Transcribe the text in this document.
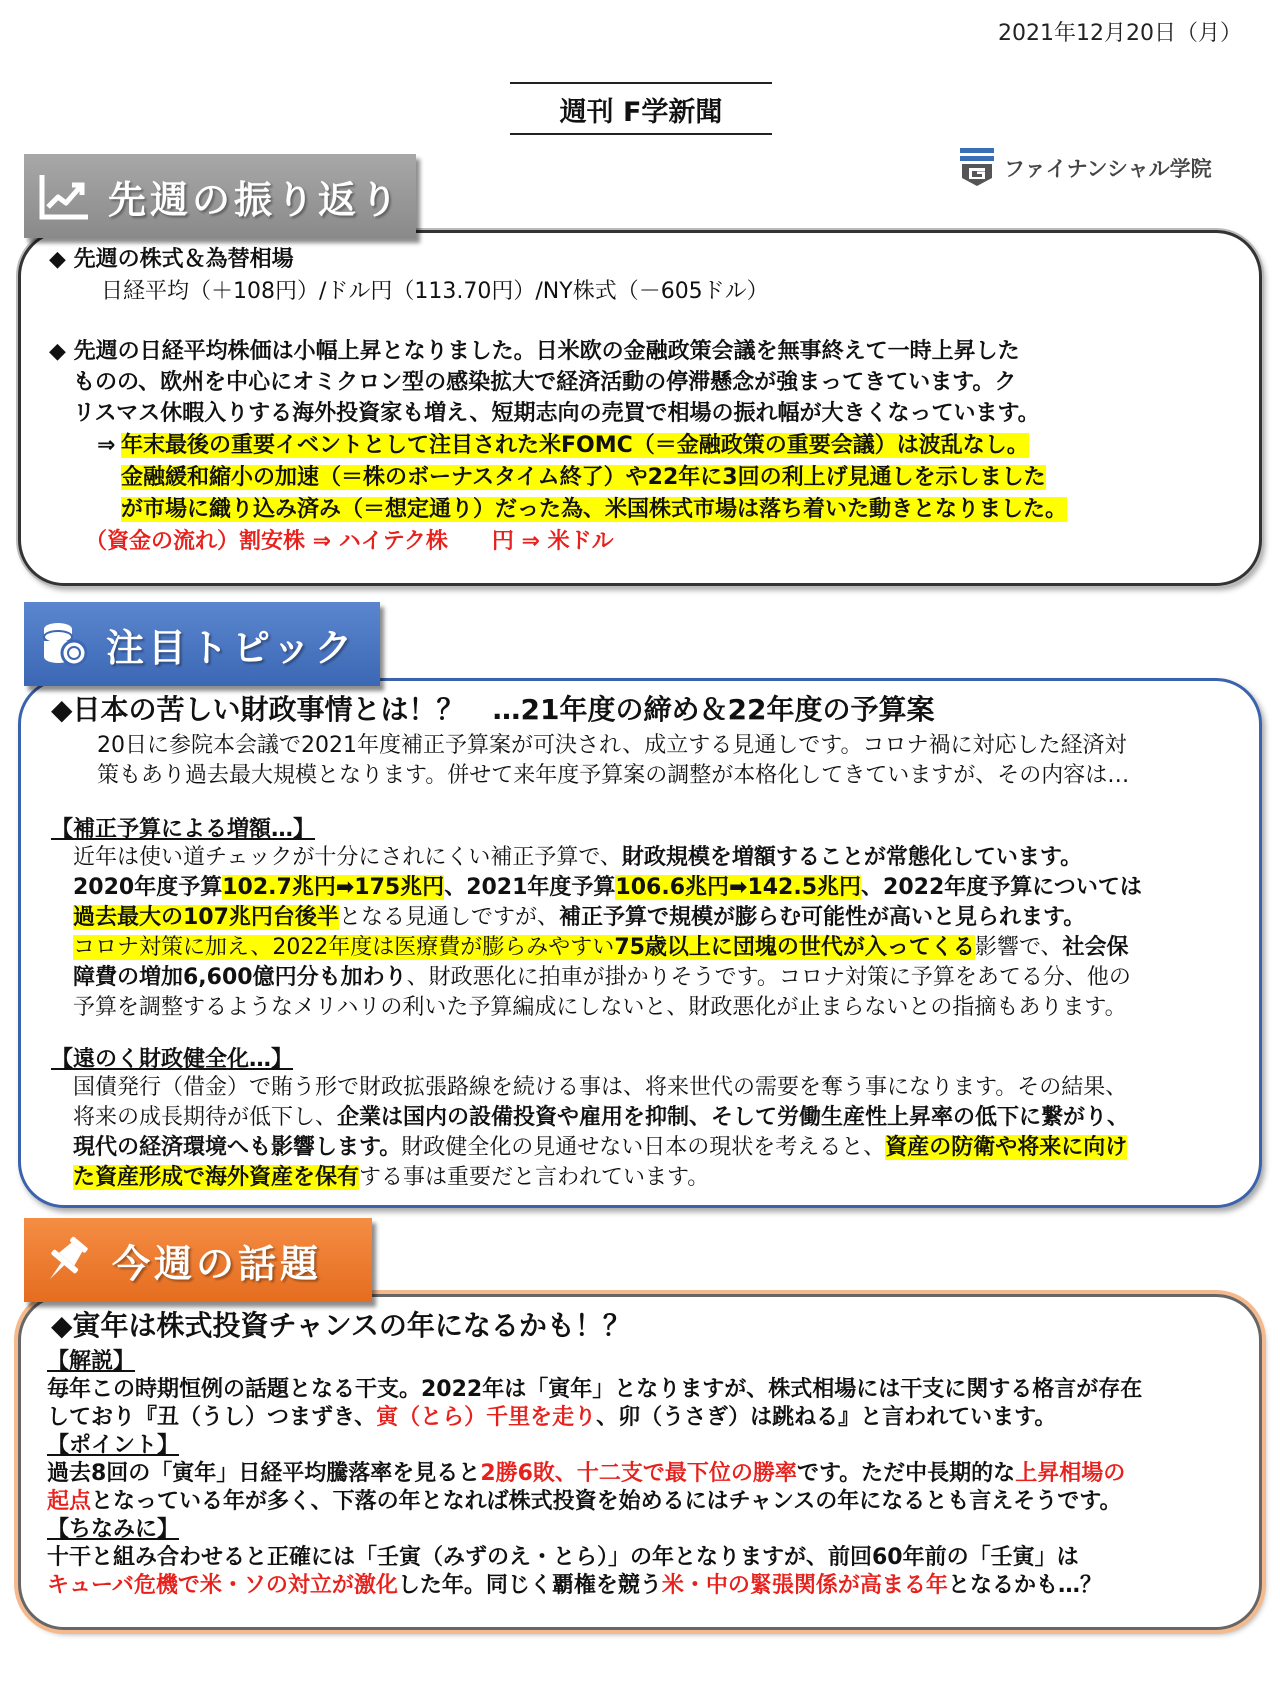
2021年12月20日（月）
週刊 F学新聞
ファイナンシャル学院
先週の振り返り
◆ 先週の株式＆為替相場
日経平均（＋108円）/ドル円（113.70円）/NY株式（－605ドル）
◆ 先週の日経平均株価は小幅上昇となりました。日米欧の金融政策会議を無事終えて一時上昇した
ものの、欧州を中心にオミクロン型の感染拡大で経済活動の停滞懸念が強まってきています。ク
リスマス休暇入りする海外投資家も増え、短期志向の売買で相場の振れ幅が大きくなっています。
⇒ 年末最後の重要イベントとして注目された米FOMC（＝金融政策の重要会議）は波乱なし。
金融緩和縮小の加速（＝株のボーナスタイム終了）や22年に3回の利上げ見通しを示しました
が市場に織り込み済み（＝想定通り）だった為、米国株式市場は落ち着いた動きとなりました。
（資金の流れ）割安株 ⇒ ハイテク株　　円 ⇒ 米ドル
注目トピック
◆日本の苦しい財政事情とは！？　…21年度の締め＆22年度の予算案
20日に参院本会議で2021年度補正予算案が可決され、成立する見通しです。コロナ禍に対応した経済対
策もあり過去最大規模となります。併せて来年度予算案の調整が本格化してきていますが、その内容は…
【補正予算による増額…】
近年は使い道チェックが十分にされにくい補正予算で、財政規模を増額することが常態化しています。
2020年度予算102.7兆円➡175兆円、2021年度予算106.6兆円➡142.5兆円、2022年度予算については
過去最大の107兆円台後半となる見通しですが、補正予算で規模が膨らむ可能性が高いと見られます。
コロナ対策に加え、2022年度は医療費が膨らみやすい75歳以上に団塊の世代が入ってくる影響で、社会保
障費の増加6,600億円分も加わり、財政悪化に拍車が掛かりそうです。コロナ対策に予算をあてる分、他の
予算を調整するようなメリハリの利いた予算編成にしないと、財政悪化が止まらないとの指摘もあります。
【遠のく財政健全化…】
国債発行（借金）で賄う形で財政拡張路線を続ける事は、将来世代の需要を奪う事になります。その結果、
将来の成長期待が低下し、企業は国内の設備投資や雇用を抑制、そして労働生産性上昇率の低下に繋がり、
現代の経済環境へも影響します。財政健全化の見通せない日本の現状を考えると、資産の防衛や将来に向け
た資産形成で海外資産を保有する事は重要だと言われています。
今週の話題
◆寅年は株式投資チャンスの年になるかも！？
【解説】
毎年この時期恒例の話題となる干支。2022年は「寅年」となりますが、株式相場には干支に関する格言が存在
しており『丑（うし）つまずき、寅（とら）千里を走り、卯（うさぎ）は跳ねる』と言われています。
【ポイント】
過去8回の「寅年」日経平均騰落率を見ると2勝6敗、十二支で最下位の勝率です。ただ中長期的な上昇相場の
起点となっている年が多く、下落の年となれば株式投資を始めるにはチャンスの年になるとも言えそうです。
【ちなみに】
十干と組み合わせると正確には「壬寅（みずのえ・とら）」の年となりますが、前回60年前の「壬寅」は
キューバ危機で米・ソの対立が激化した年。同じく覇権を競う米・中の緊張関係が高まる年となるかも…？
